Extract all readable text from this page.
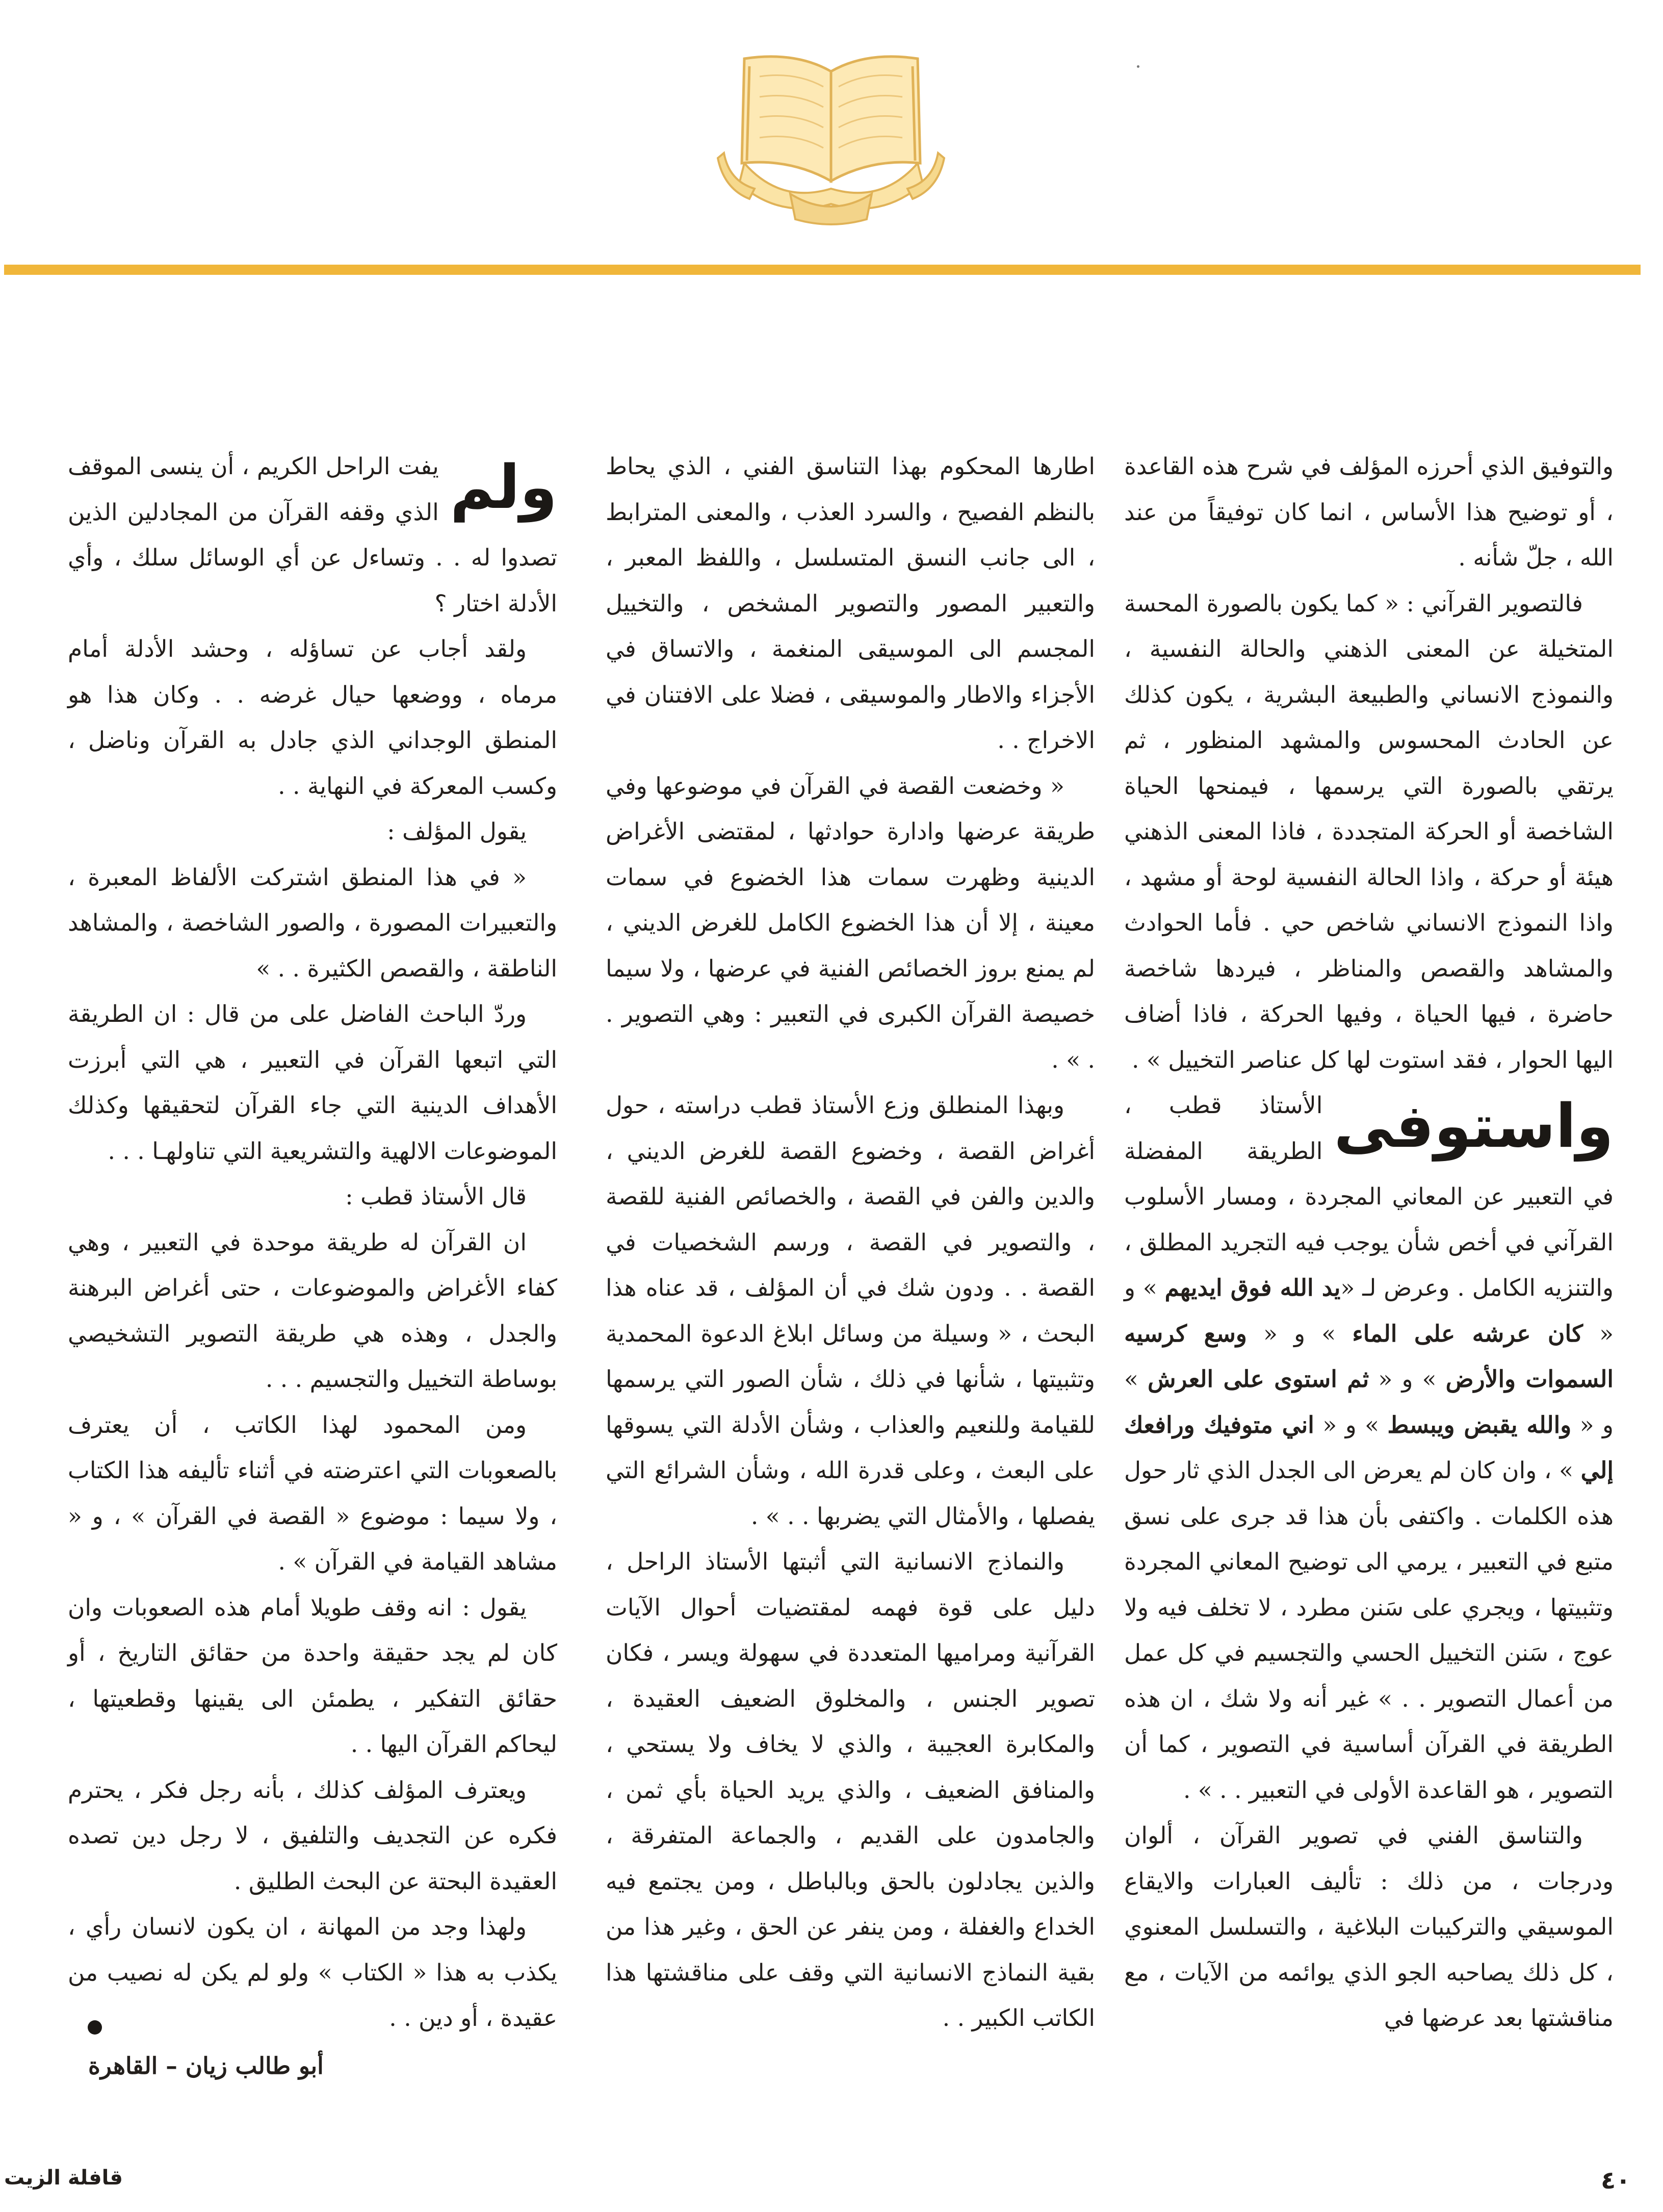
والتوفيق الذي أحرزه المؤلف في شرح هذه القاعدة ، أو توضيح هذا الأساس ، انما كان توفيقاً من عند الله ، جلّ شأنه .

فالتصوير القرآني : « كما يكون بالصورة المحسة المتخيلة عن المعنى الذهني والحالة النفسية ، والنموذج الانساني والطبيعة البشرية ، يكون كذلك عن الحادث المحسوس والمشهد المنظور ، ثم يرتقي بالصورة التي يرسمها ، فيمنحها الحياة الشاخصة أو الحركة المتجددة ، فاذا المعنى الذهني هيئة أو حركة ، واذا الحالة النفسية لوحة أو مشهد ، واذا النموذج الانساني شاخص حي . فأما الحوادث والمشاهد والقصص والمناظر ، فيردها شاخصة حاضرة ، فيها الحياة ، وفيها الحركة ، فاذا أضاف اليها الحوار ، فقد استوت لها كل عناصر التخييل » .

واستوفى
الأستاذ قطب ، الطريقة المفضلة في التعبير عن المعاني المجردة ، ومسار الأسلوب القرآني في أخص شأن يوجب فيه التجريد المطلق ، والتنزيه الكامل . وعرض لـ «يد الله فوق ايديهم » و « كان عرشه على الماء » و « وسع كرسيه السموات والأرض » و « ثم استوى على العرش » و « والله يقبض ويبسط » و « اني متوفيك ورافعك إلي » ، وان كان لم يعرض الى الجدل الذي ثار حول هذه الكلمات . واكتفى بأن هذا قد جرى على نسق متبع في التعبير ، يرمي الى توضيح المعاني المجردة وتثبيتها ، ويجري على سَنن مطرد ، لا تخلف فيه ولا عوج ، سَنن التخييل الحسي والتجسيم في كل عمل من أعمال التصوير . . » غير أنه ولا شك ، ان هذه الطريقة في القرآن أساسية في التصوير ، كما أن التصوير ، هو القاعدة الأولى في التعبير . . » .

والتناسق الفني في تصوير القرآن ، ألوان ودرجات ، من ذلك : تأليف العبارات والايقاع الموسيقي والتركيبات البلاغية ، والتسلسل المعنوي ، كل ذلك يصاحبه الجو الذي يوائمه من الآيات ، مع مناقشتها بعد عرضها في

اطارها المحكوم بهذا التناسق الفني ، الذي يحاط بالنظم الفصيح ، والسرد العذب ، والمعنى المترابط ، الى جانب النسق المتسلسل ، واللفظ المعبر ، والتعبير المصور والتصوير المشخص ، والتخييل المجسم الى الموسيقى المنغمة ، والاتساق في الأجزاء والاطار والموسيقى ، فضلا على الافتنان في الاخراج . .

« وخضعت القصة في القرآن في موضوعها وفي طريقة عرضها وادارة حوادثها ، لمقتضى الأغراض الدينية وظهرت سمات هذا الخضوع في سمات معينة ، إلا أن هذا الخضوع الكامل للغرض الديني ، لم يمنع بروز الخصائص الفنية في عرضها ، ولا سيما خصيصة القرآن الكبرى في التعبير : وهي التصوير . . » .

وبهذا المنطلق وزع الأستاذ قطب دراسته ، حول أغراض القصة ، وخضوع القصة للغرض الديني ، والدين والفن في القصة ، والخصائص الفنية للقصة ، والتصوير في القصة ، ورسم الشخصيات في القصة . . ودون شك في أن المؤلف ، قد عناه هذا البحث ، « وسيلة من وسائل ابلاغ الدعوة المحمدية وتثبيتها ، شأنها في ذلك ، شأن الصور التي يرسمها للقيامة وللنعيم والعذاب ، وشأن الأدلة التي يسوقها على البعث ، وعلى قدرة الله ، وشأن الشرائع التي يفصلها ، والأمثال التي يضربها . . » .

والنماذج الانسانية التي أثبتها الأستاذ الراحل ، دليل على قوة فهمه لمقتضيات أحوال الآيات القرآنية ومراميها المتعددة في سهولة ويسر ، فكان تصوير الجنس ، والمخلوق الضعيف العقيدة ، والمكابرة العجيبة ، والذي لا يخاف ولا يستحي ، والمنافق الضعيف ، والذي يريد الحياة بأي ثمن ، والجامدون على القديم ، والجماعة المتفرقة ، والذين يجادلون بالحق وبالباطل ، ومن يجتمع فيه الخداع والغفلة ، ومن ينفر عن الحق ، وغير هذا من بقية النماذج الانسانية التي وقف على مناقشتها هذا الكاتب الكبير . .

ولم
يفت الراحل الكريم ، أن ينسى الموقف الذي وقفه القرآن من المجادلين الذين تصدوا له . . وتساءل عن أي الوسائل سلك ، وأي الأدلة اختار ؟

ولقد أجاب عن تساؤله ، وحشد الأدلة أمام مرماه ، ووضعها حيال غرضه . . وكان هذا هو المنطق الوجداني الذي جادل به القرآن وناضل ، وكسب المعركة في النهاية . .

يقول المؤلف :

« في هذا المنطق اشتركت الألفاظ المعبرة ، والتعبيرات المصورة ، والصور الشاخصة ، والمشاهد الناطقة ، والقصص الكثيرة . . »

وردّ الباحث الفاضل على من قال : ان الطريقة التي اتبعها القرآن في التعبير ، هي التي أبرزت الأهداف الدينية التي جاء القرآن لتحقيقها وكذلك الموضوعات الالهية والتشريعية التي تناولهـا . . .

قال الأستاذ قطب :

ان القرآن له طريقة موحدة في التعبير ، وهي كفاء الأغراض والموضوعات ، حتى أغراض البرهنة والجدل ، وهذه هي طريقة التصوير التشخيصي بوساطة التخييل والتجسيم . . .

ومن المحمود لهذا الكاتب ، أن يعترف بالصعوبات التي اعترضته في أثناء تأليفه هذا الكتاب ، ولا سيما : موضوع « القصة في القرآن » ، و « مشاهد القيامة في القرآن » .

يقول : انه وقف طويلا أمام هذه الصعوبات وان كان لم يجد حقيقة واحدة من حقائق التاريخ ، أو حقائق التفكير ، يطمئن الى يقينها وقطعيتها ، ليحاكم القرآن اليها . .

ويعترف المؤلف كذلك ، بأنه رجل فكر ، يحترم فكره عن التجديف والتلفيق ، لا رجل دين تصده العقيدة البحتة عن البحث الطليق .

ولهذا وجد من المهانة ، ان يكون لانسان رأي ، يكذب به هذا « الكتاب » ولو لم يكن له نصيب من عقيدة ، أو دين . .

أبو طالب زيان – القاهرة

٤٠
قافلة الزيت
